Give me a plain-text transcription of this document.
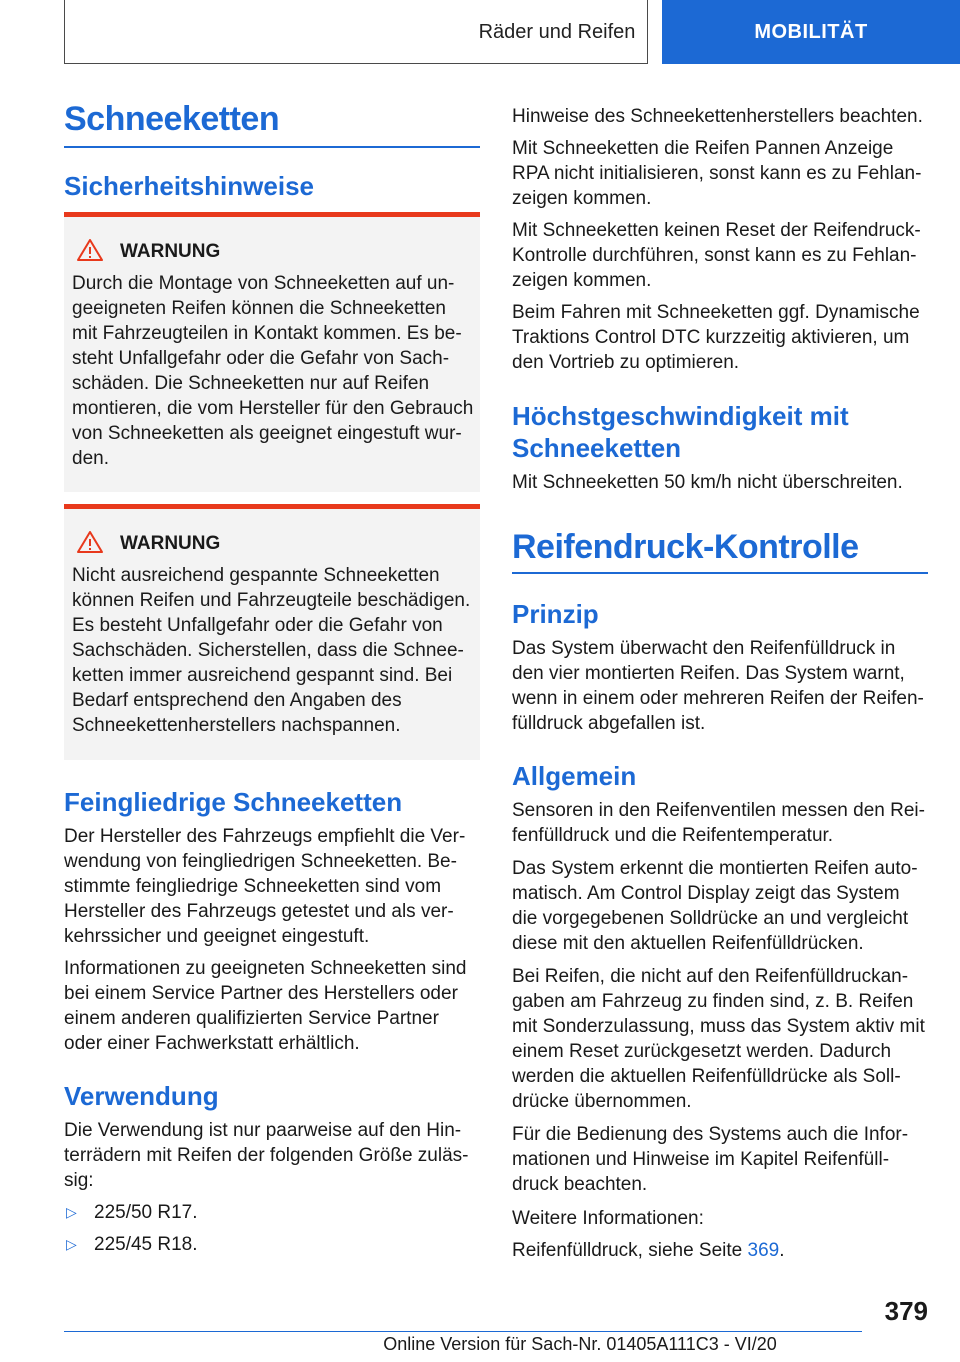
Räder und Reifen	MOBILITÄT
Schneeketten
Sicherheitshinweise
WARNUNG
Durch die Montage von Schneeketten auf un-
geeigneten Reifen können die Schneeketten
mit Fahrzeugteilen in Kontakt kommen. Es be-
steht Unfallgefahr oder die Gefahr von Sach-
schäden. Die Schneeketten nur auf Reifen
montieren, die vom Hersteller für den Gebrauch
von Schneeketten als geeignet eingestuft wur-
den.
WARNUNG
Nicht ausreichend gespannte Schneeketten
können Reifen und Fahrzeugteile beschädigen.
Es besteht Unfallgefahr oder die Gefahr von
Sachschäden. Sicherstellen, dass die Schnee-
ketten immer ausreichend gespannt sind. Bei
Bedarf entsprechend den Angaben des
Schneekettenherstellers nachspannen.
Feingliedrige Schneeketten
Der Hersteller des Fahrzeugs empfiehlt die Ver-
wendung von feingliedrigen Schneeketten. Be-
stimmte feingliedrige Schneeketten sind vom
Hersteller des Fahrzeugs getestet und als ver-
kehrssicher und geeignet eingestuft.
Informationen zu geeigneten Schneeketten sind
bei einem Service Partner des Herstellers oder
einem anderen qualifizierten Service Partner
oder einer Fachwerkstatt erhältlich.
Verwendung
Die Verwendung ist nur paarweise auf den Hin-
terrädern mit Reifen der folgenden Größe zuläs-
sig:
▷ 225/50 R17.
▷ 225/45 R18.
Hinweise des Schneekettenherstellers beachten.
Mit Schneeketten die Reifen Pannen Anzeige
RPA nicht initialisieren, sonst kann es zu Fehlan-
zeigen kommen.
Mit Schneeketten keinen Reset der Reifendruck-
Kontrolle durchführen, sonst kann es zu Fehlan-
zeigen kommen.
Beim Fahren mit Schneeketten ggf. Dynamische
Traktions Control DTC kurzzeitig aktivieren, um
den Vortrieb zu optimieren.
Höchstgeschwindigkeit mit
Schneeketten
Mit Schneeketten 50 km/h nicht überschreiten.
Reifendruck-Kontrolle
Prinzip
Das System überwacht den Reifenfülldruck in
den vier montierten Reifen. Das System warnt,
wenn in einem oder mehreren Reifen der Reifen-
fülldruck abgefallen ist.
Allgemein
Sensoren in den Reifenventilen messen den Rei-
fenfülldruck und die Reifentemperatur.
Das System erkennt die montierten Reifen auto-
matisch. Am Control Display zeigt das System
die vorgegebenen Solldrücke an und vergleicht
diese mit den aktuellen Reifenfülldrücken.
Bei Reifen, die nicht auf den Reifenfülldruckan-
gaben am Fahrzeug zu finden sind, z. B. Reifen
mit Sonderzulassung, muss das System aktiv mit
einem Reset zurückgesetzt werden. Dadurch
werden die aktuellen Reifenfülldrücke als Soll-
drücke übernommen.
Für die Bedienung des Systems auch die Infor-
mationen und Hinweise im Kapitel Reifenfüll-
druck beachten.
Weitere Informationen:
Reifenfülldruck, siehe Seite 369.
379
Online Version für Sach-Nr. 01405A111C3 - VI/20
